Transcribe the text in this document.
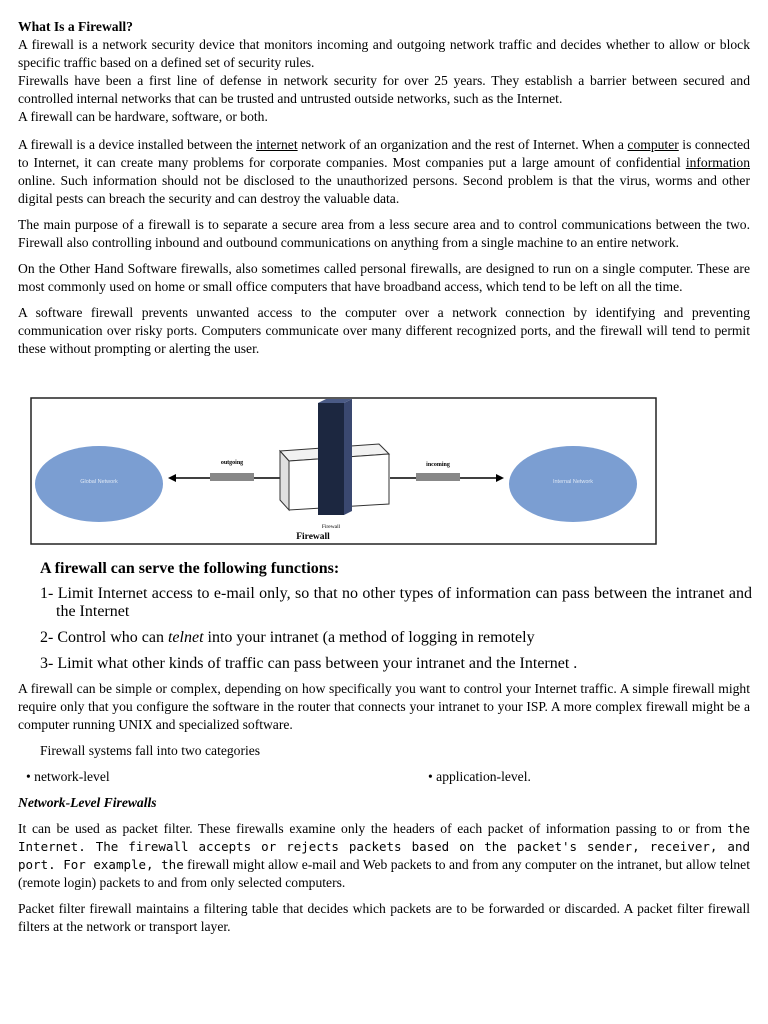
What Is a Firewall?

A firewall is a network security device that monitors incoming and outgoing network traffic and decides whether to allow or block specific traffic based on a defined set of security rules.

Firewalls have been a first line of defense in network security for over 25 years. They establish a barrier between secured and controlled internal networks that can be trusted and untrusted outside networks, such as the Internet.

A firewall can be hardware, software, or both.

A firewall is a device installed between the internet network of an organization and the rest of Internet. When a computer is connected to Internet, it can create many problems for corporate companies. Most companies put a large amount of confidential information online. Such information should not be disclosed to the unauthorized persons. Second problem is that the virus, worms and other digital pests can breach the security and can destroy the valuable data.

The main purpose of a firewall is to separate a secure area from a less secure area and to control communications between the two. Firewall also controlling inbound and outbound communications on anything from a single machine to an entire network.

On the Other Hand Software firewalls, also sometimes called personal firewalls, are designed to run on a single computer. These are most commonly used on home or small office computers that have broadband access, which tend to be left on all the time.

A software firewall prevents unwanted access to the computer over a network connection by identifying and preventing communication over risky ports. Computers communicate over many different recognized ports, and the firewall will tend to permit these without prompting or alerting the user.

Global Network	Internal Network
outgoing	incoming
Firewall
Firewall

A firewall can serve the following functions:

1- Limit Internet access to e-mail only, so that no other types of information can pass between the intranet and the Internet

2- Control who can telnet into your intranet (a method of logging in remotely

3- Limit what other kinds of traffic can pass between your intranet and the Internet .

A firewall can be simple or complex, depending on how specifically you want to control your Internet traffic. A simple firewall might require only that you configure the software in the router that connects your intranet to your ISP. A more complex firewall might be a computer running UNIX and specialized software.

Firewall systems fall into two categories

• network-level	• application-level.

Network-Level Firewalls

It can be used as packet filter. These firewalls examine only the headers of each packet of information passing to or from the Internet. The firewall accepts or rejects packets based on the packet's sender, receiver, and port. For example, the firewall might allow e-mail and Web packets to and from any computer on the intranet, but allow telnet (remote login) packets to and from only selected computers.

Packet filter firewall maintains a filtering table that decides which packets are to be forwarded or discarded. A packet filter firewall filters at the network or transport layer.
